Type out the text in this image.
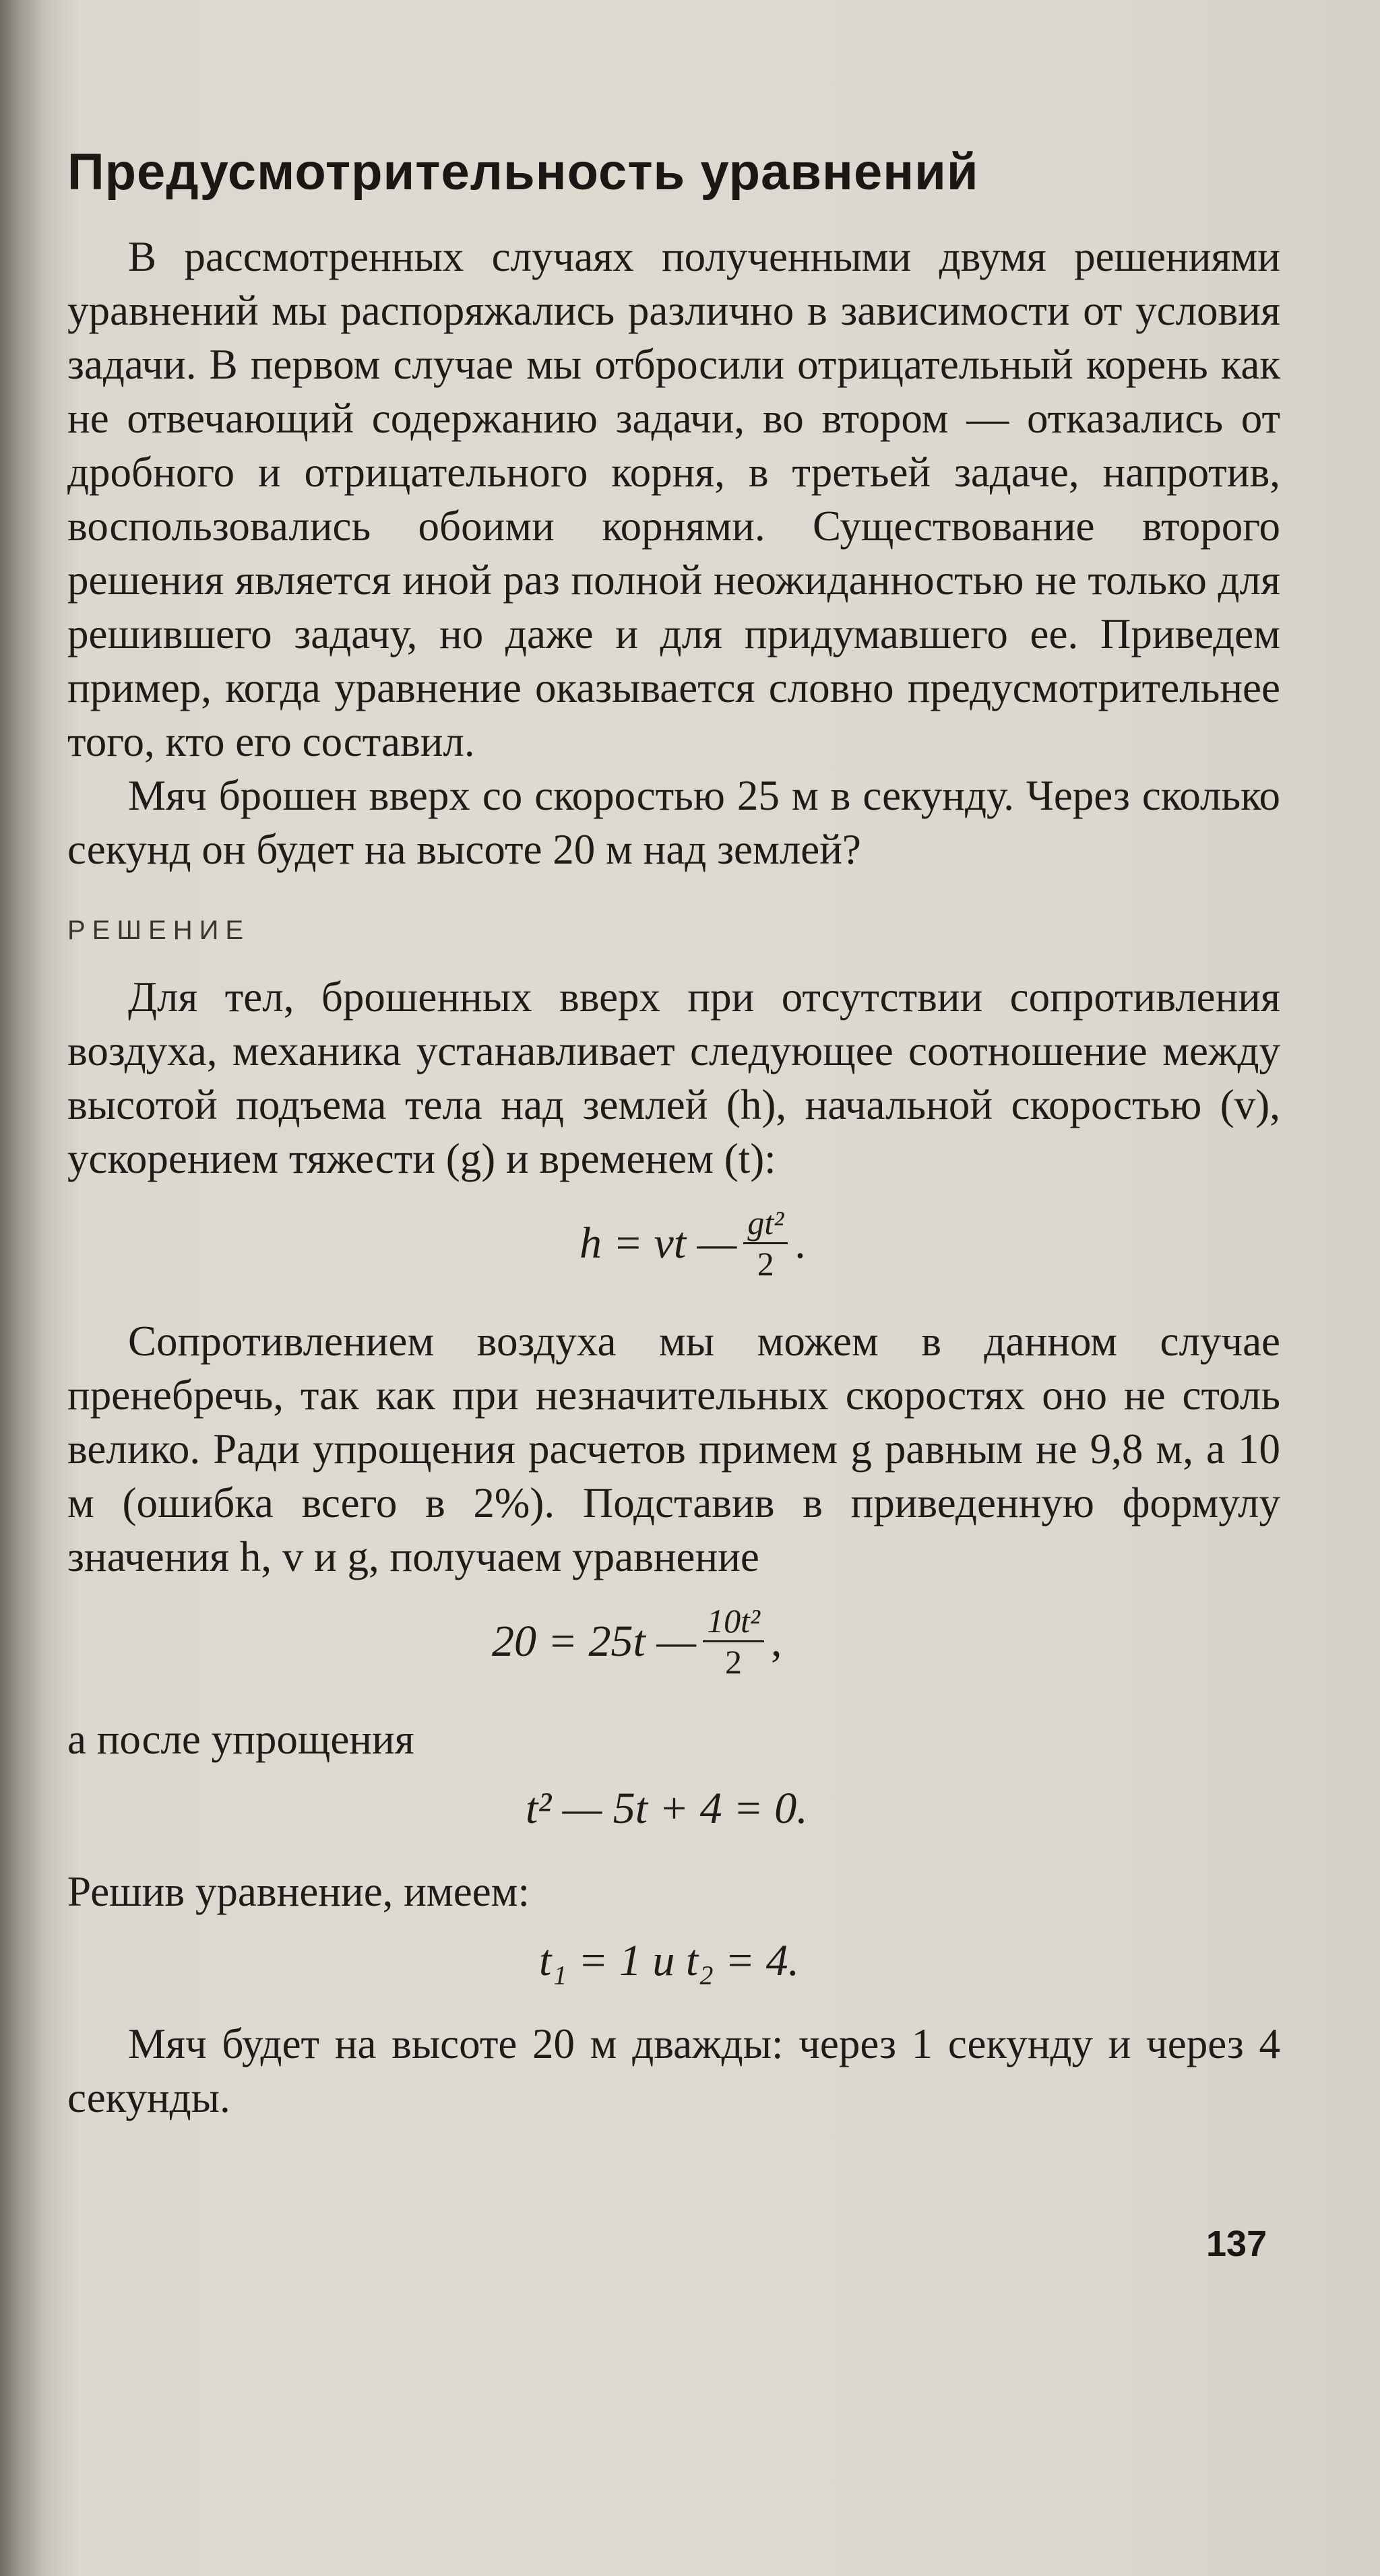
Предусмотрительность уравнений

В рассмотренных случаях полученными двумя решениями уравнений мы распоряжались различно в зависимости от условия задачи. В первом случае мы отбросили отрицательный корень как не отвечающий содержанию задачи, во втором — отказались от дробного и отрицательного корня, в третьей задаче, напротив, воспользовались обоими корнями. Существование второго решения является иной раз полной неожиданностью не только для решившего задачу, но даже и для придумавшего ее. Приведем пример, когда уравнение оказывается словно предусмотрительнее того, кто его составил.

Мяч брошен вверх со скоростью 25 м в секунду. Через сколько секунд он будет на высоте 20 м над землей?

РЕШЕНИЕ

Для тел, брошенных вверх при отсутствии сопротивления воздуха, механика устанавливает следующее соотношение между высотой подъема тела над землей (h), начальной скоростью (v), ускорением тяжести (g) и временем (t):

h = vt — $\frac{\text{gt²}}{2}$ .

Сопротивлением воздуха мы можем в данном случае пренебречь, так как при незначительных скоростях оно не столь велико. Ради упрощения расчетов примем g равным не 9,8 м, а 10 м (ошибка всего в 2%). Подставив в приведенную формулу значения h, v и g, получаем уравнение

20 = 25t — $\frac{\text{10t²}}{2}$ ,

а после упрощения

t² — 5t + 4 = 0.

Решив уравнение, имеем:

t₁ = 1 и t₂ = 4.

Мяч будет на высоте 20 м дважды: через 1 секунду и через 4 секунды.

137
